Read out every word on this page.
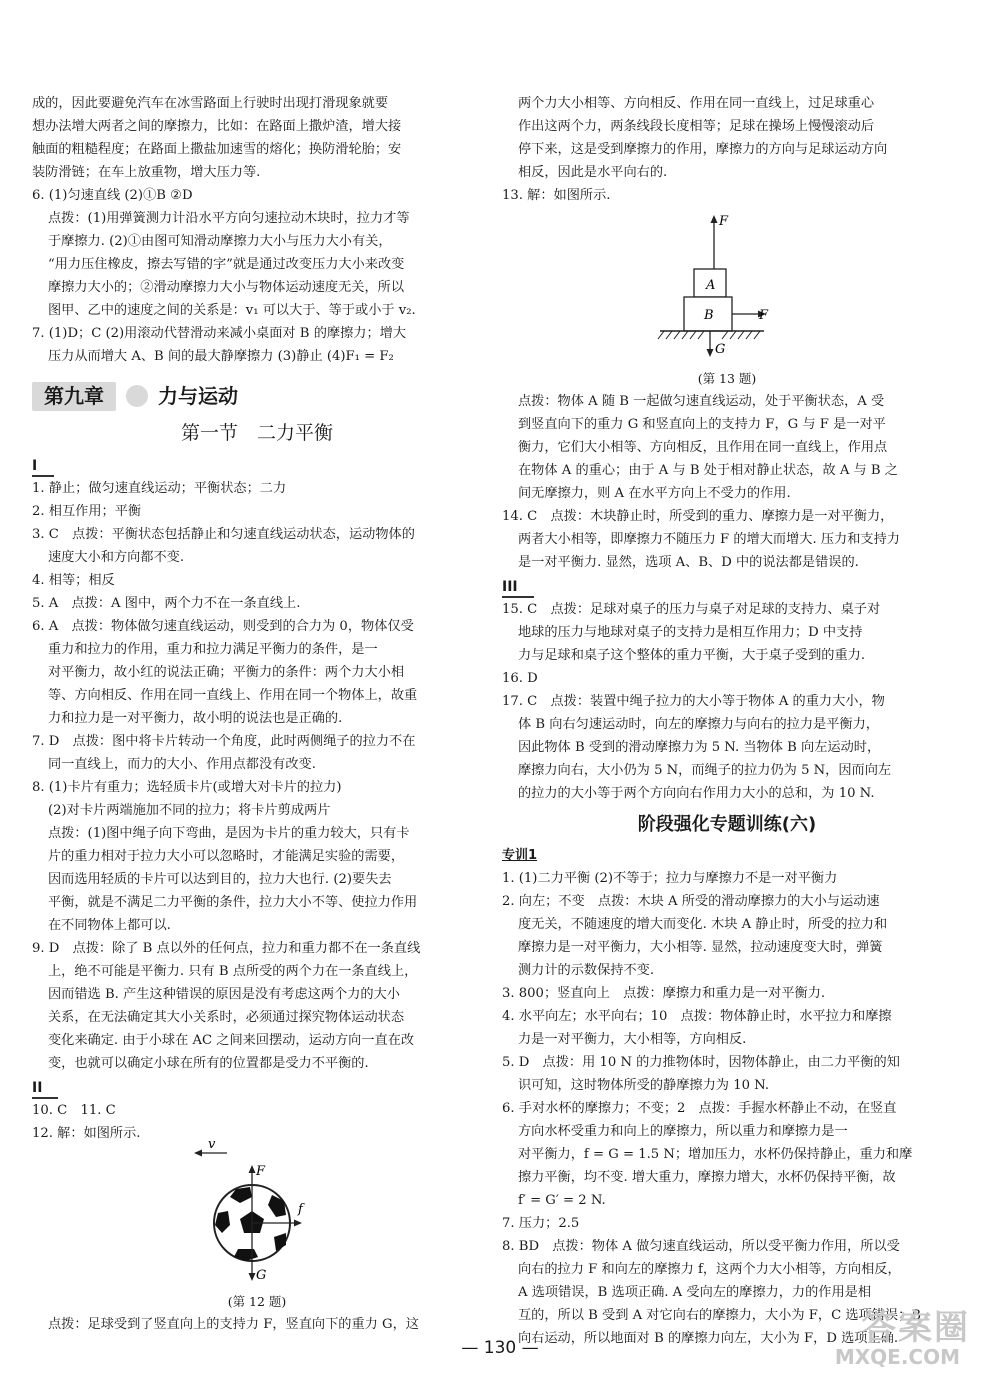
成的，因此要避免汽车在冰雪路面上行驶时出现打滑现象就要

想办法增大两者之间的摩擦力，比如：在路面上撒炉渣，增大接

触面的粗糙程度；在路面上撒盐加速雪的熔化；换防滑轮胎；安

装防滑链；在车上放重物，增大压力等.

6. (1)匀速直线 (2)①B ②D

点拨：(1)用弹簧测力计沿水平方向匀速拉动木块时，拉力才等

于摩擦力. (2)①由图可知滑动摩擦力大小与压力大小有关，

“用力压住橡皮，擦去写错的字”就是通过改变压力大小来改变

摩擦力大小的；②滑动摩擦力大小与物体运动速度无关，所以

图甲、乙中的速度之间的关系是：v₁ 可以大于、等于或小于 v₂.

7. (1)D；C (2)用滚动代替滑动来减小桌面对 B 的摩擦力；增大

压力从而增大 A、B 间的最大静摩擦力 (3)静止 (4)F₁ = F₂

第九章	力与运动
第一节　二力平衡
I

1. 静止；做匀速直线运动；平衡状态；二力

2. 相互作用；平衡

3. C　点拨：平衡状态包括静止和匀速直线运动状态，运动物体的

速度大小和方向都不变.

4. 相等；相反

5. A　点拨：A 图中，两个力不在一条直线上.

6. A　点拨：物体做匀速直线运动，则受到的合力为 0，物体仅受

重力和拉力的作用，重力和拉力满足平衡力的条件，是一

对平衡力，故小红的说法正确；平衡力的条件：两个力大小相

等、方向相反、作用在同一直线上、作用在同一个物体上，故重

力和拉力是一对平衡力，故小明的说法也是正确的.

7. D　点拨：图中将卡片转动一个角度，此时两侧绳子的拉力不在

同一直线上，而力的大小、作用点都没有改变.

8. (1)卡片有重力；选轻质卡片(或增大对卡片的拉力)

(2)对卡片两端施加不同的拉力；将卡片剪成两片

点拨：(1)图中绳子向下弯曲，是因为卡片的重力较大，只有卡

片的重力相对于拉力大小可以忽略时，才能满足实验的需要，

因而选用轻质的卡片可以达到目的，拉力大也行. (2)要失去

平衡，就是不满足二力平衡的条件，拉力大小不等、使拉力作用

在不同物体上都可以.

9. D　点拨：除了 B 点以外的任何点，拉力和重力都不在一条直线

上，绝不可能是平衡力. 只有 B 点所受的两个力在一条直线上，

因而错选 B. 产生这种错误的原因是没有考虑这两个力的大小

关系，在无法确定其大小关系时，必须通过探究物体运动状态

变化来确定. 由于小球在 AC 之间来回摆动，运动方向一直在改

变，也就可以确定小球在所有的位置都是受力不平衡的.

II

10. C　11. C

12. 解：如图所示.

v
F
f
G
(第 12 题)

点拨：足球受到了竖直向上的支持力 F，竖直向下的重力 G，这

两个力大小相等、方向相反、作用在同一直线上，过足球重心

作出这两个力，两条线段长度相等；足球在操场上慢慢滚动后

停下来，这是受到摩擦力的作用，摩擦力的方向与足球运动方向

相反，因此是水平向右的.

13. 解：如图所示.

F
A
B	F
G
(第 13 题)

点拨：物体 A 随 B 一起做匀速直线运动，处于平衡状态，A 受

到竖直向下的重力 G 和竖直向上的支持力 F，G 与 F 是一对平

衡力，它们大小相等、方向相反，且作用在同一直线上，作用点

在物体 A 的重心；由于 A 与 B 处于相对静止状态，故 A 与 B 之

间无摩擦力，则 A 在水平方向上不受力的作用.

14. C　点拨：木块静止时，所受到的重力、摩擦力是一对平衡力，

两者大小相等，即摩擦力不随压力 F 的增大而增大. 压力和支持力

是一对平衡力. 显然，选项 A、B、D 中的说法都是错误的.

III

15. C　点拨：足球对桌子的压力与桌子对足球的支持力、桌子对

地球的压力与地球对桌子的支持力是相互作用力；D 中支持

力与足球和桌子这个整体的重力平衡，大于桌子受到的重力.

16. D

17. C　点拨：装置中绳子拉力的大小等于物体 A 的重力大小，物

体 B 向右匀速运动时，向左的摩擦力与向右的拉力是平衡力，

因此物体 B 受到的滑动摩擦力为 5 N. 当物体 B 向左运动时，

摩擦力向右，大小仍为 5 N，而绳子的拉力仍为 5 N，因而向左

的拉力的大小等于两个方向向右作用力大小的总和，为 10 N.

阶段强化专题训练(六)
专训1

1. (1)二力平衡 (2)不等于；拉力与摩擦力不是一对平衡力

2. 向左；不变　点拨：木块 A 所受的滑动摩擦力的大小与运动速

度无关，不随速度的增大而变化. 木块 A 静止时，所受的拉力和

摩擦力是一对平衡力，大小相等. 显然，拉动速度变大时，弹簧

测力计的示数保持不变.

3. 800；竖直向上　点拨：摩擦力和重力是一对平衡力.

4. 水平向左；水平向右；10　点拨：物体静止时，水平拉力和摩擦

力是一对平衡力，大小相等，方向相反.

5. D　点拨：用 10 N 的力推物体时，因物体静止，由二力平衡的知

识可知，这时物体所受的静摩擦力为 10 N.

6. 手对水杯的摩擦力；不变；2　点拨：手握水杯静止不动，在竖直

方向水杯受重力和向上的摩擦力，所以重力和摩擦力是一

对平衡力，f = G = 1.5 N；增加压力，水杯仍保持静止，重力和摩

擦力平衡，均不变. 增大重力，摩擦力增大，水杯仍保持平衡，故

f′ = G′ = 2 N.

7. 压力；2.5

8. BD　点拨：物体 A 做匀速直线运动，所以受平衡力作用，所以受

向右的拉力 F 和向左的摩擦力 f，这两个力大小相等，方向相反，

A 选项错误，B 选项正确. A 受向左的摩擦力，力的作用是相

互的，所以 B 受到 A 对它向右的摩擦力，大小为 F，C 选项错误；B

向右运动，所以地面对 B 的摩擦力向左，大小为 F，D 选项正确.

— 130 —	答案圈
MXQE.COM
